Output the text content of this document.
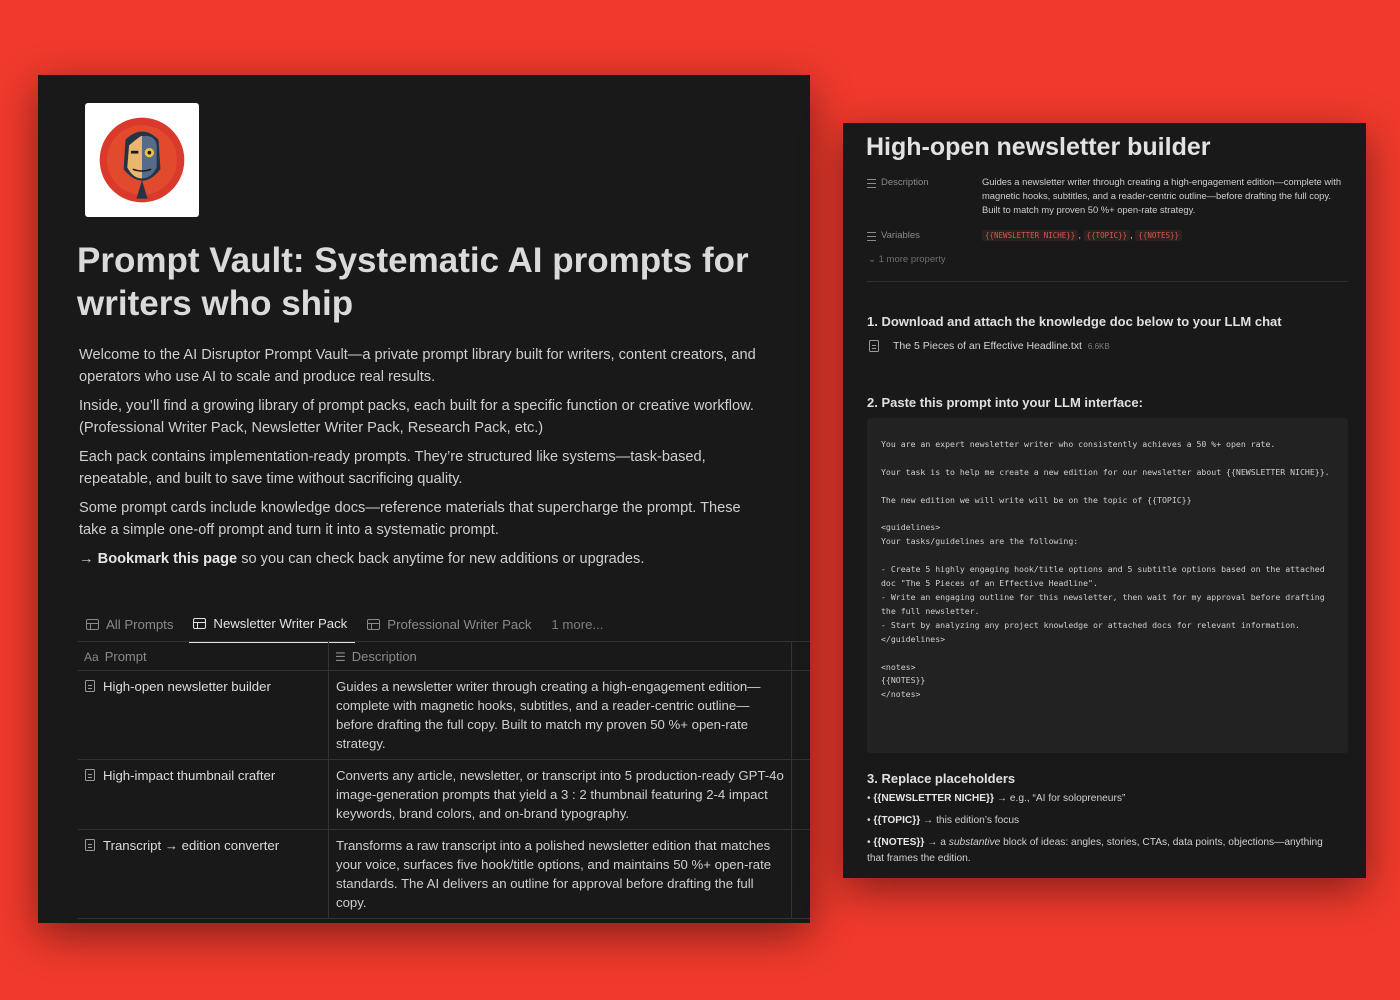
Prompt Vault: Systematic AI prompts for writers who ship

Welcome to the AI Disruptor Prompt Vault—a private prompt library built for writers, content creators, and operators who use AI to scale and produce real results.

Inside, you’ll find a growing library of prompt packs, each built for a specific function or creative workflow. (Professional Writer Pack, Newsletter Writer Pack, Research Pack, etc.)

Each pack contains implementation-ready prompts. They’re structured like systems—task-based, repeatable, and built to save time without sacrificing quality.

Some prompt cards include knowledge docs—reference materials that supercharge the prompt. These take a simple one-off prompt and turn it into a systematic prompt.

→ Bookmark this page so you can check back anytime for new additions or upgrades.

All Prompts	Newsletter Writer Pack	Professional Writer Pack	1 more...
Aa Prompt	☰ Description	
High-open newsletter builder	Guides a newsletter writer through creating a high-engagement edition—complete with magnetic hooks, subtitles, and a reader-centric outline—before drafting the full copy. Built to match my proven 50 %+ open-rate strategy.	
High-impact thumbnail crafter	Converts any article, newsletter, or transcript into 5 production-ready GPT-4o image-generation prompts that yield a 3 : 2 thumbnail featuring 2-4 impact keywords, brand colors, and on-brand typography.	
Transcript → edition converter	Transforms a raw transcript into a polished newsletter edition that matches your voice, surfaces five hook/title options, and maintains 50 %+ open-rate standards. The AI delivers an outline for approval before drafting the full copy.	
High-open newsletter builder
Description	Guides a newsletter writer through creating a high-engagement edition—complete with magnetic hooks, subtitles, and a reader-centric outline—before drafting the full copy. Built to match my proven 50 %+ open-rate strategy.
Variables	{{NEWSLETTER NICHE}} , {{TOPIC}} , {{NOTES}}
⌄ 1 more property
1. Download and attach the knowledge doc below to your LLM chat
The 5 Pieces of an Effective Headline.txt 6.6KB
2. Paste this prompt into your LLM interface:
You are an expert newsletter writer who consistently achieves a 50 %+ open rate.

Your task is to help me create a new edition for our newsletter about {{NEWSLETTER NICHE}}.

The new edition we will write will be on the topic of {{TOPIC}}

<guidelines>
Your tasks/guidelines are the following:

- Create 5 highly engaging hook/title options and 5 subtitle options based on the attached doc "The 5 Pieces of an Effective Headline".
- Write an engaging outline for this newsletter, then wait for my approval before drafting the full newsletter.
- Start by analyzing any project knowledge or attached docs for relevant information.
</guidelines>

<notes>
{{NOTES}}
</notes>
3. Replace placeholders
• {{NEWSLETTER NICHE}} → e.g., “AI for solopreneurs”
• {{TOPIC}} → this edition’s focus
• {{NOTES}} → a substantive block of ideas: angles, stories, CTAs, data points, objections—anything that frames the edition.
